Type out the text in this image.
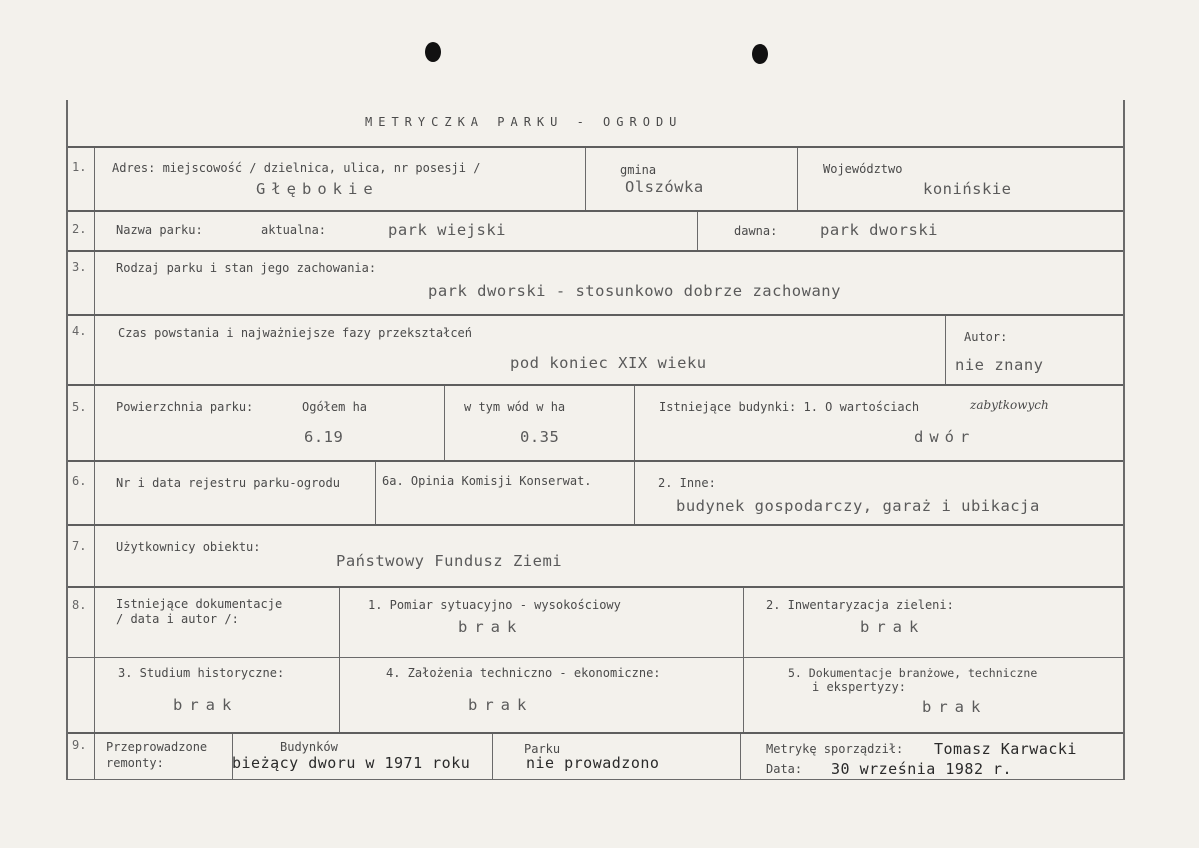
METRYCZKA PARKU - OGRODU
1. Adres: miejscowość / dzielnica, ulica, nr posesji /
Głębokie
gmina
Olszówka
Województwo
konińskie
2. Nazwa parku:	aktualna:	park wiejski	dawna:	park dworski
3. Rodzaj parku i stan jego zachowania:
park dworski - stosunkowo dobrze zachowany
4.	Czas powstania i najważniejsze fazy przekształceń
pod koniec XIX wieku
Autor:
nie znany
5. Powierzchnia parku:	Ogółem ha
6.19
w tym wód w ha
0.35
Istniejące budynki: 1. O wartościach	zabytkowych
dwór
6. Nr i data rejestru parku-ogrodu	6a. Opinia Komisji Konserwat.	2. Inne:
budynek gospodarczy, garaż i ubikacja
7. Użytkownicy obiektu:
Państwowy Fundusz Ziemi
8. Istniejące dokumentacje
/ data i autor /:
1. Pomiar sytuacyjno - wysokościowy
brak
2. Inwentaryzacja zieleni:
brak
3. Studium historyczne:
brak
4. Założenia techniczno - ekonomiczne:
brak
5. Dokumentacje branżowe, techniczne
i ekspertyzy:
brak
9. Przeprowadzone
remonty:
Budynków
bieżący dworu w 1971 roku
Parku
nie prowadzono
Metrykę sporządził: Tomasz Karwacki
Data: 30 września 1982 r.
